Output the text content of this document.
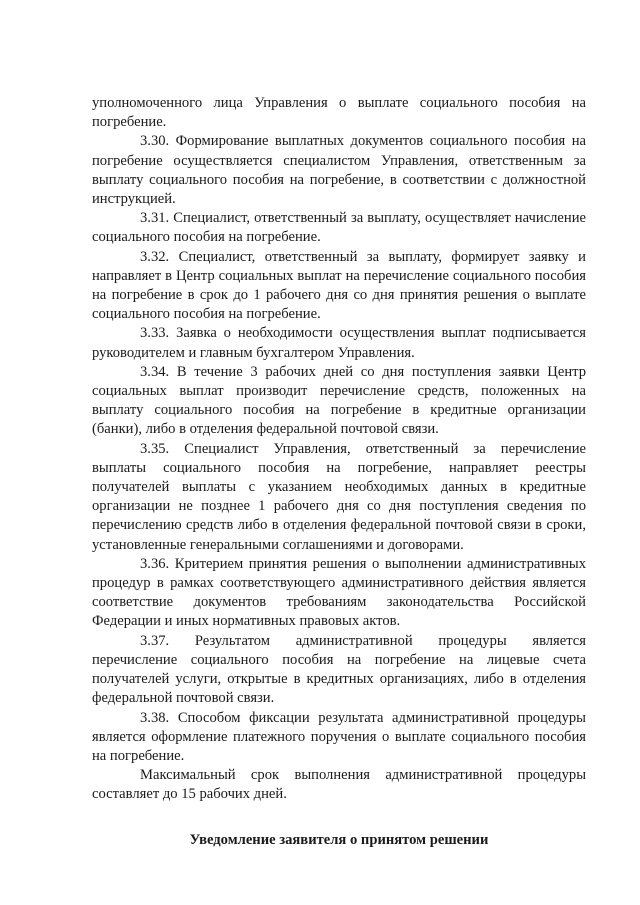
уполномоченного лица Управления о выплате социального пособия на погребение.

3.30. Формирование выплатных документов социального пособия на погребение осуществляется специалистом Управления, ответственным за выплату социального пособия на погребение, в соответствии с должностной инструкцией.

3.31. Специалист, ответственный за выплату, осуществляет начисление социального пособия на погребение.

3.32. Специалист, ответственный за выплату, формирует заявку и направляет в Центр социальных выплат на перечисление социального пособия на погребение в срок до 1 рабочего дня со дня принятия решения о выплате социального пособия на погребение.

3.33. Заявка о необходимости осуществления выплат подписывается руководителем и главным бухгалтером Управления.

3.34. В течение 3 рабочих дней со дня поступления заявки Центр социальных выплат производит перечисление средств, положенных на выплату социального пособия на погребение в кредитные организации (банки), либо в отделения федеральной почтовой связи.

3.35. Специалист Управления, ответственный за перечисление выплаты социального пособия на погребение, направляет реестры получателей выплаты с указанием необходимых данных в кредитные организации не позднее 1 рабочего дня со дня поступления сведения по перечислению средств либо в отделения федеральной почтовой связи в сроки, установленные генеральными соглашениями и договорами.

3.36. Критерием принятия решения о выполнении административных процедур в рамках соответствующего административного действия является соответствие документов требованиям законодательства Российской Федерации и иных нормативных правовых актов.

3.37. Результатом административной процедуры является перечисление социального пособия на погребение на лицевые счета получателей услуги, открытые в кредитных организациях, либо в отделения федеральной почтовой связи.

3.38. Способом фиксации результата административной процедуры является оформление платежного поручения о выплате социального пособия на погребение.

Максимальный срок выполнения административной процедуры составляет до 15 рабочих дней.

Уведомление заявителя о принятом решении
